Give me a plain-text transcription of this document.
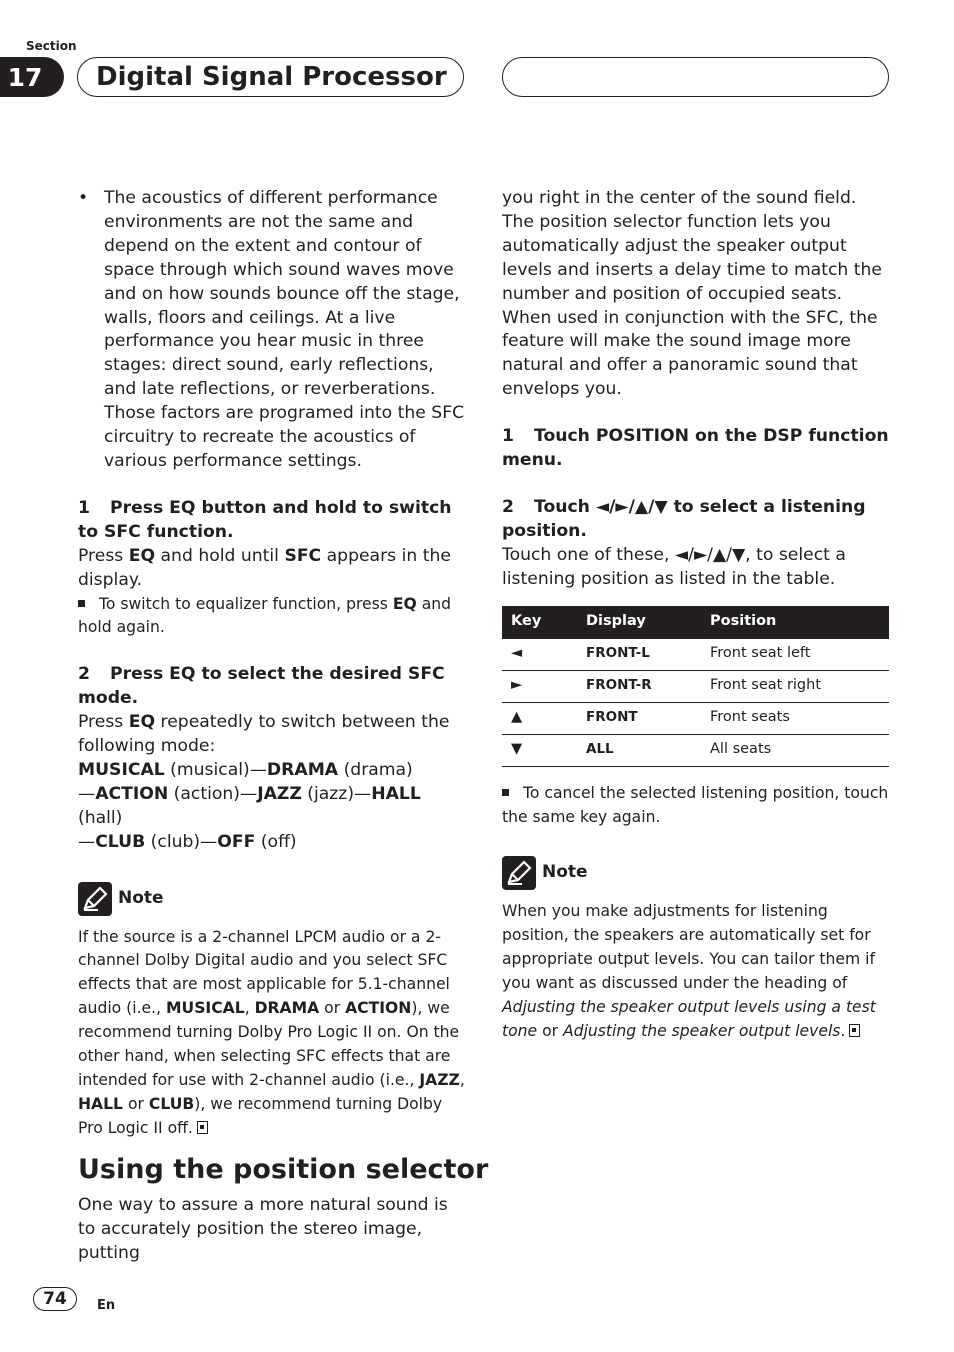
Section
17	Digital Signal Processor
• The acoustics of different performance environments are not the same and depend on the extent and contour of space through which sound waves move and on how sounds bounce off the stage, walls, floors and ceilings. At a live performance you hear music in three stages: direct sound, early reflections, and late reflections, or reverberations. Those factors are programed into the SFC circuitry to recreate the acoustics of various performance settings.

1 Press EQ button and hold to switch to SFC function.

Press EQ and hold until SFC appears in the display.

To switch to equalizer function, press EQ and hold again.

2 Press EQ to select the desired SFC mode.

Press EQ repeatedly to switch between the following mode:

MUSICAL (musical)—DRAMA (drama)
—ACTION (action)—JAZZ (jazz)—HALL (hall)
—CLUB (club)—OFF (off)

Note

If the source is a 2-channel LPCM audio or a 2-channel Dolby Digital audio and you select SFC effects that are most applicable for 5.1-channel audio (i.e., MUSICAL, DRAMA or ACTION), we recommend turning Dolby Pro Logic II on. On the other hand, when selecting SFC effects that are intended for use with 2-channel audio (i.e., JAZZ, HALL or CLUB), we recommend turning Dolby Pro Logic II off.

Using the position selector
One way to assure a more natural sound is to accurately position the stereo image, putting

you right in the center of the sound field. The position selector function lets you automatically adjust the speaker output levels and inserts a delay time to match the number and position of occupied seats. When used in conjunction with the SFC, the feature will make the sound image more natural and offer a panoramic sound that envelops you.

1 Touch POSITION on the DSP function menu.

2 Touch ◄/►/▲/▼ to select a listening position.

Touch one of these, ◄/►/▲/▼, to select a listening position as listed in the table.

Key	Display	Position
◄	FRONT-L	Front seat left
►	FRONT-R	Front seat right
▲	FRONT	Front seats
▼	ALL	All seats

To cancel the selected listening position, touch the same key again.

Note

When you make adjustments for listening position, the speakers are automatically set for appropriate output levels. You can tailor them if you want as discussed under the heading of Adjusting the speaker output levels using a test tone or Adjusting the speaker output levels.

74	En
